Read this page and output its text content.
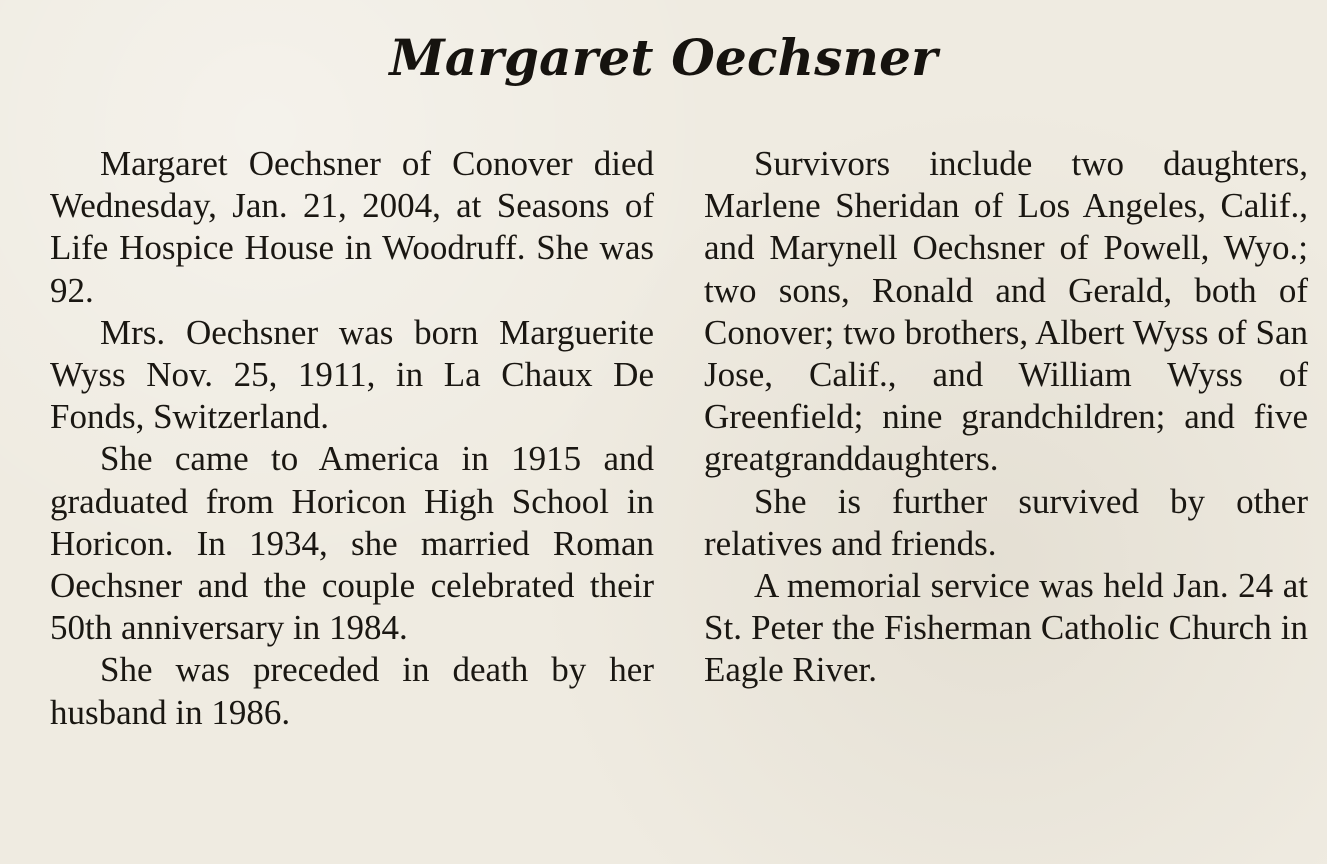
Margaret Oechsner

Margaret Oechsner of Conover died Wednesday, Jan. 21, 2004, at Seasons of Life Hospice House in Woodruff. She was 92.

Mrs. Oechsner was born Marguerite Wyss Nov. 25, 1911, in La Chaux De Fonds, Switzerland.

She came to America in 1915 and graduated from Horicon High School in Horicon. In 1934, she married Roman Oechsner and the couple celebrated their 50th anniversary in 1984.

She was preceded in death by her husband in 1986.

Survivors include two daughters, Marlene Sheridan of Los Angeles, Calif., and Marynell Oechsner of Powell, Wyo.; two sons, Ronald and Gerald, both of Conover; two brothers, Albert Wyss of San Jose, Calif., and William Wyss of Greenfield; nine grandchildren; and five greatgranddaughters.

She is further survived by other relatives and friends.

A memorial service was held Jan. 24 at St. Peter the Fisherman Catholic Church in Eagle River.
